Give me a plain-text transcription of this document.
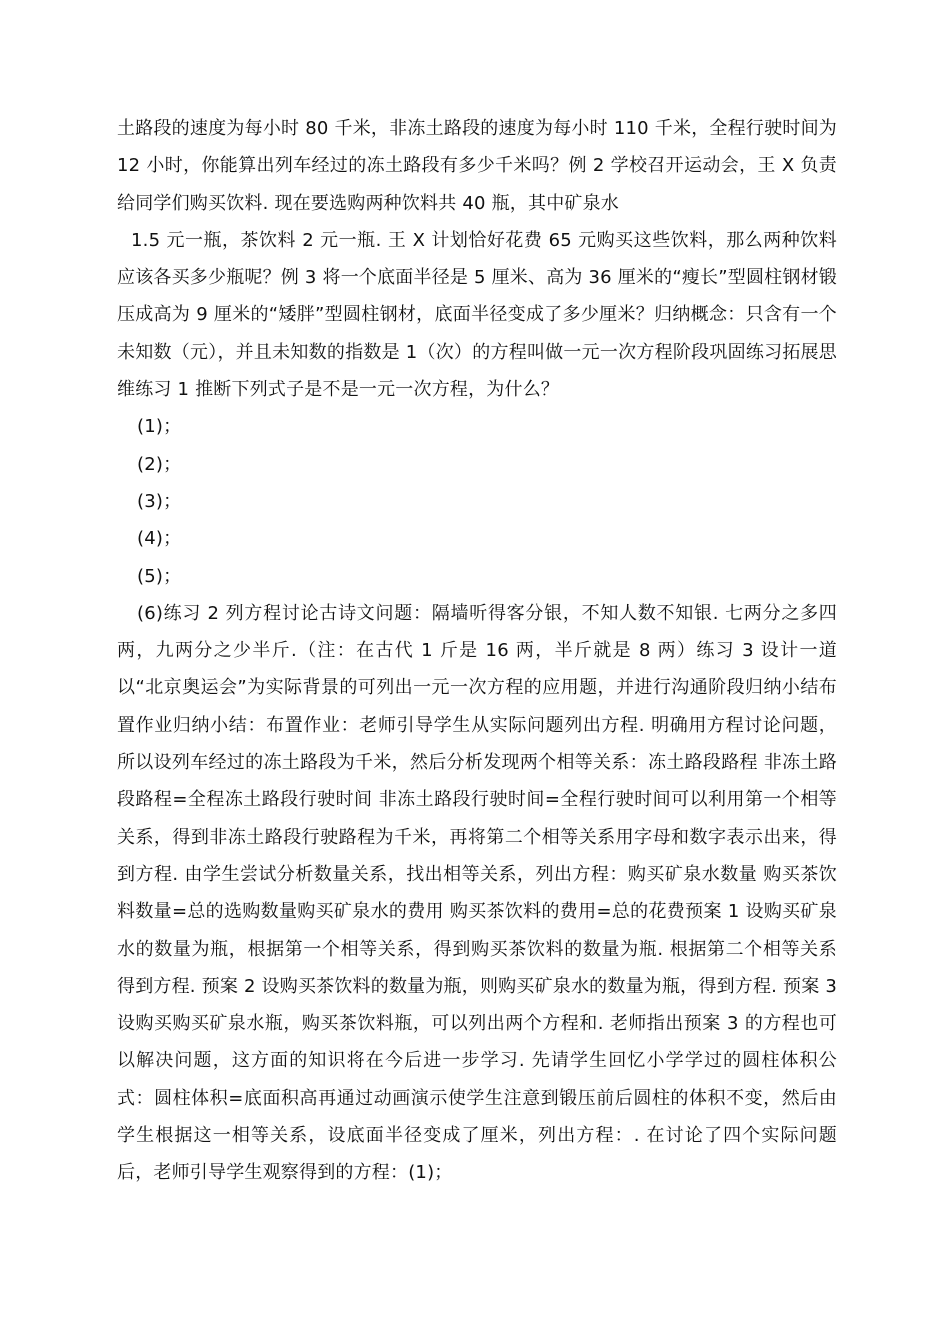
土路段的速度为每小时 80 千米，非冻土路段的速度为每小时 110 千米，全程行驶时间为 12 小时，你能算出列车经过的冻土路段有多少千米吗？例 2 学校召开运动会，王 X 负责给同学们购买饮料. 现在要选购两种饮料共 40 瓶，其中矿泉水

1.5 元一瓶，茶饮料 2 元一瓶. 王 X 计划恰好花费 65 元购买这些饮料，那么两种饮料应该各买多少瓶呢？例 3 将一个底面半径是 5 厘米、高为 36 厘米的“瘦长”型圆柱钢材锻压成高为 9 厘米的“矮胖”型圆柱钢材，底面半径变成了多少厘米？归纳概念：只含有一个未知数（元），并且未知数的指数是 1（次）的方程叫做一元一次方程阶段巩固练习拓展思维练习 1 推断下列式子是不是一元一次方程，为什么？

(1)；

(2)；

(3)；

(4)；

(5)；

(6)练习 2 列方程讨论古诗文问题：隔墙听得客分银，不知人数不知银. 七两分之多四两，九两分之少半斤.（注：在古代 1 斤是 16 两，半斤就是 8 两）练习 3 设计一道以“北京奥运会”为实际背景的可列出一元一次方程的应用题，并进行沟通阶段归纳小结布置作业归纳小结：布置作业：老师引导学生从实际问题列出方程. 明确用方程讨论问题，所以设列车经过的冻土路段为千米，然后分析发现两个相等关系：冻土路段路程 非冻土路段路程=全程冻土路段行驶时间 非冻土路段行驶时间=全程行驶时间可以利用第一个相等关系，得到非冻土路段行驶路程为千米，再将第二个相等关系用字母和数字表示出来，得到方程. 由学生尝试分析数量关系，找出相等关系，列出方程：购买矿泉水数量 购买茶饮料数量=总的选购数量购买矿泉水的费用 购买茶饮料的费用=总的花费预案 1 设购买矿泉水的数量为瓶，根据第一个相等关系，得到购买茶饮料的数量为瓶. 根据第二个相等关系得到方程. 预案 2 设购买茶饮料的数量为瓶，则购买矿泉水的数量为瓶，得到方程. 预案 3 设购买购买矿泉水瓶，购买茶饮料瓶，可以列出两个方程和. 老师指出预案 3 的方程也可以解决问题，这方面的知识将在今后进一步学习. 先请学生回忆小学学过的圆柱体积公式：圆柱体积=底面积高再通过动画演示使学生注意到锻压前后圆柱的体积不变，然后由学生根据这一相等关系，设底面半径变成了厘米，列出方程：. 在讨论了四个实际问题后，老师引导学生观察得到的方程：(1)；
